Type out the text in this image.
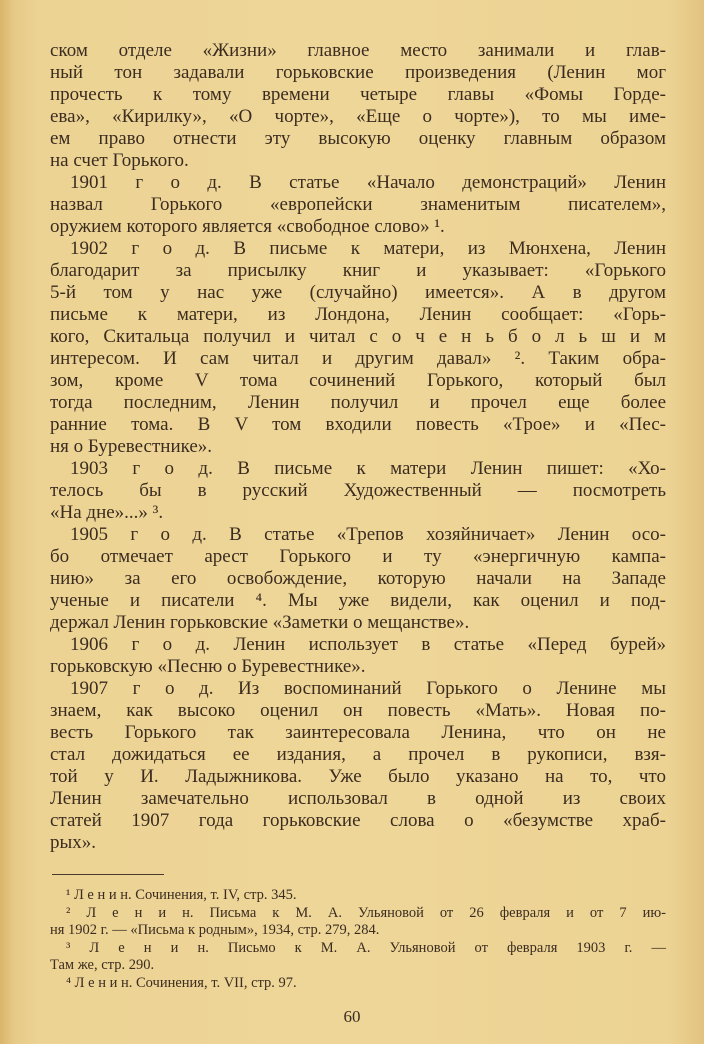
ском отделе «Жизни» главное место занимали и глав-
ный тон задавали горьковские произведения (Ленин мог
прочесть к тому времени четыре главы «Фомы Горде-
ева», «Кирилку», «О чорте», «Еще о чорте»), то мы име-
ем право отнести эту высокую оценку главным образом
на счет Горького.
1901 г о д. В статье «Начало демонстраций» Ленин
назвал Горького «европейски знаменитым писателем»,
оружием которого является «свободное слово» ¹.
1902 г о д. В письме к матери, из Мюнхена, Ленин
благодарит за присылку книг и указывает: «Горького
5-й том у нас уже (случайно) имеется». А в другом
письме к матери, из Лондона, Ленин сообщает: «Горь-
кого, Скитальца получил и читал с о ч е н ь б о л ь ш и м
интересом. И сам читал и другим давал» ². Таким обра-
зом, кроме V тома сочинений Горького, который был
тогда последним, Ленин получил и прочел еще более
ранние тома. В V том входили повесть «Трое» и «Пес-
ня о Буревестнике».
1903 г о д. В письме к матери Ленин пишет: «Хо-
телось бы в русский Художественный — посмотреть
«На дне»...» ³.
1905 г о д. В статье «Трепов хозяйничает» Ленин осо-
бо отмечает арест Горького и ту «энергичную кампа-
нию» за его освобождение, которую начали на Западе
ученые и писатели ⁴. Мы уже видели, как оценил и под-
держал Ленин горьковские «Заметки о мещанстве».
1906 г о д. Ленин использует в статье «Перед бурей»
горьковскую «Песню о Буревестнике».
1907 г о д. Из воспоминаний Горького о Ленине мы
знаем, как высоко оценил он повесть «Мать». Новая по-
весть Горького так заинтересовала Ленина, что он не
стал дожидаться ее издания, а прочел в рукописи, взя-
той у И. Ладыжникова. Уже было указано на то, что
Ленин замечательно использовал в одной из своих
статей 1907 года горьковские слова о «безумстве храб-
рых».
¹ Л е н и н. Сочинения, т. IV, стр. 345.
² Л е н и н. Письма к М. А. Ульяновой от 26 февраля и от 7 ию-
ня 1902 г. — «Письма к родным», 1934, стр. 279, 284.
³ Л е н и н. Письмо к М. А. Ульяновой от февраля 1903 г. —
Там же, стр. 290.
⁴ Л е н и н. Сочинения, т. VII, стр. 97.
60
